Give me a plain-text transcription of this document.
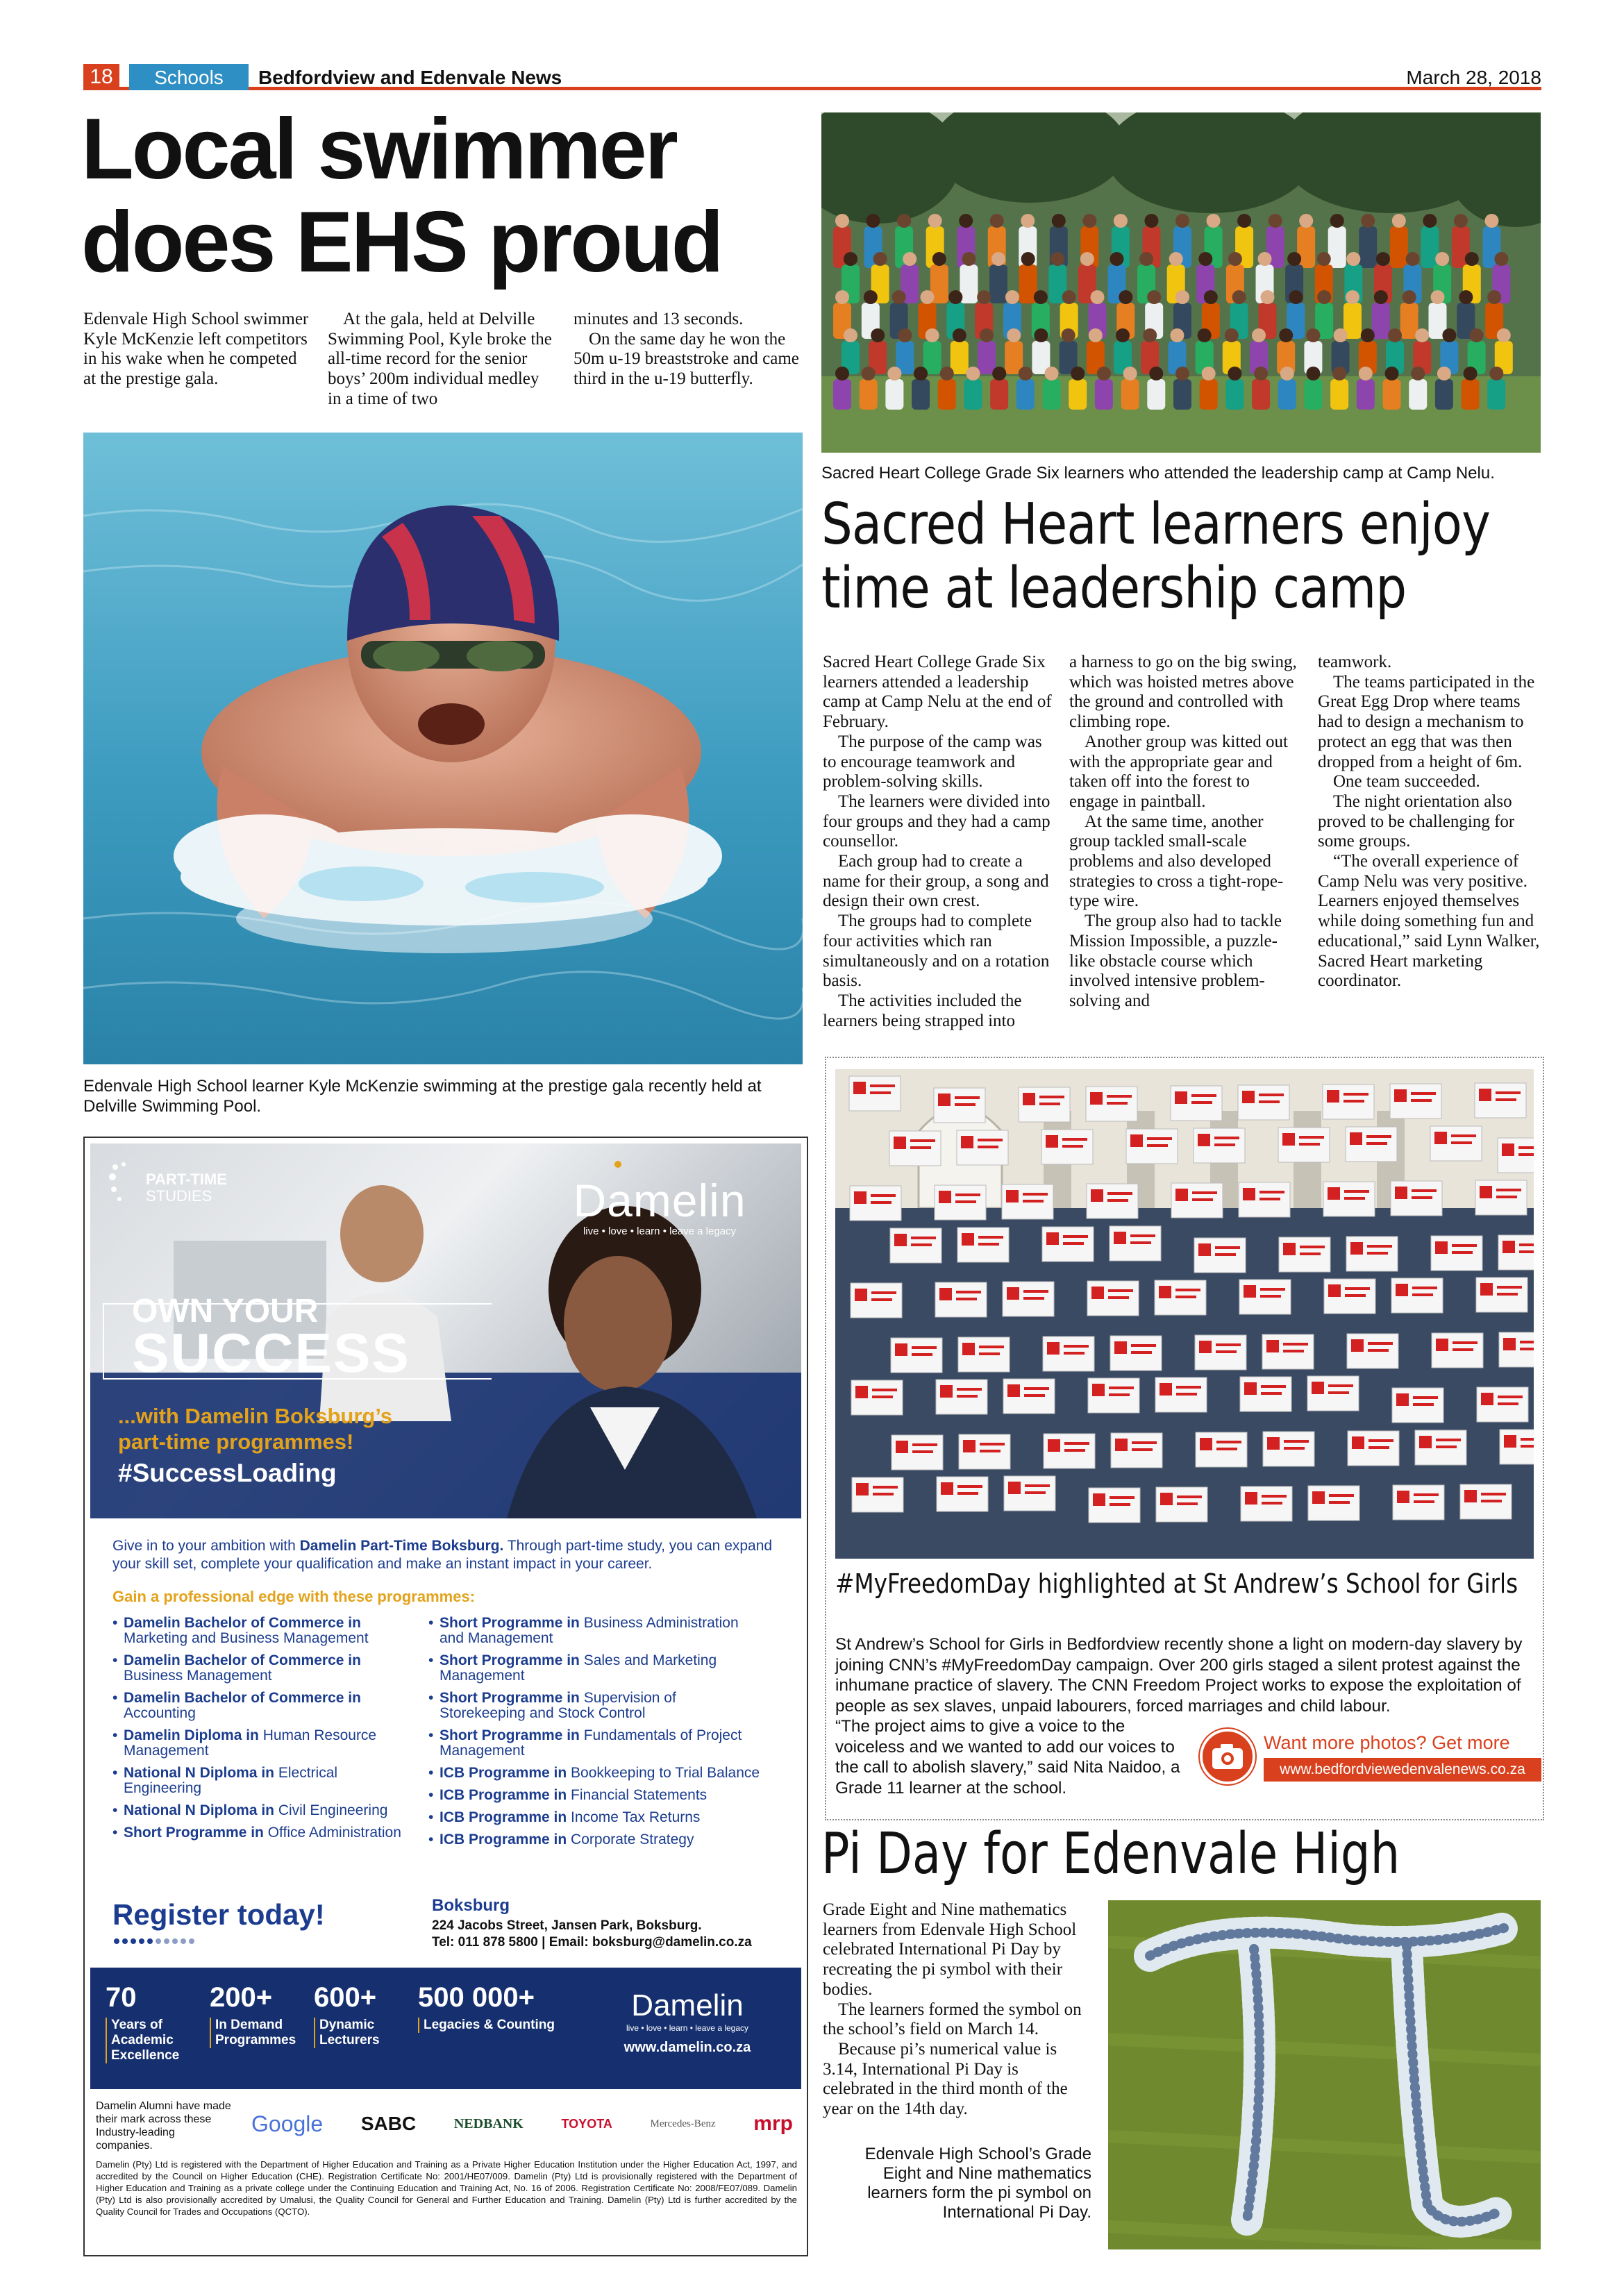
18	Schools	Bedfordview and Edenvale News	March 28, 2018
Local swimmer
does EHS proud

Edenvale High School swimmer Kyle McKenzie left competitors in his wake when he competed at the prestige gala.

At the gala, held at Delville Swimming Pool, Kyle broke the all-time record for the senior boys’ 200m individual medley in a time of two

minutes and 13 seconds.

On the same day he won the 50m u-19 breaststroke and came third in the u-19 butterfly.

Edenvale High School learner Kyle McKenzie swimming at the prestige gala recently held at Delville Swimming Pool.
Sacred Heart College Grade Six learners who attended the leadership camp at Camp Nelu.
Sacred Heart learners enjoy
time at leadership camp

Sacred Heart College Grade Six learners attended a leadership camp at Camp Nelu at the end of February.

The purpose of the camp was to encourage teamwork and problem-solving skills.

The learners were divided into four groups and they had a camp counsellor.

Each group had to create a name for their group, a song and design their own crest.

The groups had to complete four activities which ran simultaneously and on a rotation basis.

The activities included the learners being strapped into

a harness to go on the big swing, which was hoisted metres above the ground and controlled with climbing rope.

Another group was kitted out with the appropriate gear and taken off into the forest to engage in paintball.

At the same time, another group tackled small-scale problems and also developed strategies to cross a tight-rope-type wire.

The group also had to tackle Mission Impossible, a puzzle-like obstacle course which involved intensive problem-solving and

teamwork.

The teams participated in the Great Egg Drop where teams had to design a mechanism to protect an egg that was then dropped from a height of 6m.

One team succeeded.

The night orientation also proved to be challenging for some groups.

“The overall experience of Camp Nelu was very positive. Learners enjoyed themselves while doing something fun and educational,” said Lynn Walker, Sacred Heart marketing coordinator.

#MyFreedomDay highlighted at St Andrew’s School for Girls
St Andrew’s School for Girls in Bedfordview recently shone a light on modern-day slavery by joining CNN’s #MyFreedomDay campaign. Over 200 girls staged a silent protest against the inhumane practice of slavery. The CNN Freedom Project works to expose the exploitation of people as sex slaves, unpaid labourers, forced marriages and child labour.
“The project aims to give a voice to the voiceless and we wanted to add our voices to the call to abolish slavery,” said Nita Naidoo, a Grade 11 learner at the school.
Want more photos? Get more
www.bedfordviewedenvalenews.co.za
Pi Day for Edenvale High

Grade Eight and Nine mathematics learners from Edenvale High School celebrated International Pi Day by recreating the pi symbol with their bodies.

The learners formed the symbol on the school’s field on March 14.

Because pi’s numerical value is 3.14, International Pi Day is celebrated in the third month of the year on the 14th day.

Edenvale High School’s Grade Eight and Nine mathematics learners form the pi symbol on International Pi Day.
PART-TIME
STUDIES	Damelin
live • love • learn • leave a legacy
OWN YOUR
SUCCESS
...with Damelin Boksburg’s
part-time programmes!
#SuccessLoading
Give in to your ambition with Damelin Part-Time Boksburg. Through part-time study, you can expand your skill set, complete your qualification and make an instant impact in your career.
Gain a professional edge with these programmes:
• Damelin Bachelor of Commerce in Marketing and Business Management
• Damelin Bachelor of Commerce in Business Management
• Damelin Bachelor of Commerce in Accounting
• Damelin Diploma in Human Resource Management
• National N Diploma in Electrical Engineering
• National N Diploma in Civil Engineering
• Short Programme in Office Administration
• Short Programme in Business Administration and Management
• Short Programme in Sales and Marketing Management
• Short Programme in Supervision of Storekeeping and Stock Control
• Short Programme in Fundamentals of Project Management
• ICB Programme in Bookkeeping to Trial Balance
• ICB Programme in Financial Statements
• ICB Programme in Income Tax Returns
• ICB Programme in Corporate Strategy
Register today!	Boksburg
224 Jacobs Street, Jansen Park, Boksburg.
Tel: 011 878 5800 | Email: boksburg@damelin.co.za
70
Years of Academic Excellence
200+
In Demand Programmes
600+
Dynamic Lecturers
500 000+
Legacies & Counting
Damelin
live • love • learn • leave a legacy
www.damelin.co.za
Damelin Alumni have made their mark across these Industry-leading companies.
Google SABC	NEDBANK	TOYOTA	Mercedes-Benz mrp
Damelin (Pty) Ltd is registered with the Department of Higher Education and Training as a Private Higher Education Institution under the Higher Education Act, 1997, and accredited by the Council on Higher Education (CHE). Registration Certificate No: 2001/HE07/009. Damelin (Pty) Ltd is provisionally registered with the Department of Higher Education and Training as a private college under the Continuing Education and Training Act, No. 16 of 2006. Registration Certificate No: 2008/FE07/089. Damelin (Pty) Ltd is also provisionally accredited by Umalusi, the Quality Council for General and Further Education and Training. Damelin (Pty) Ltd is further accredited by the Quality Council for Trades and Occupations (QCTO).
